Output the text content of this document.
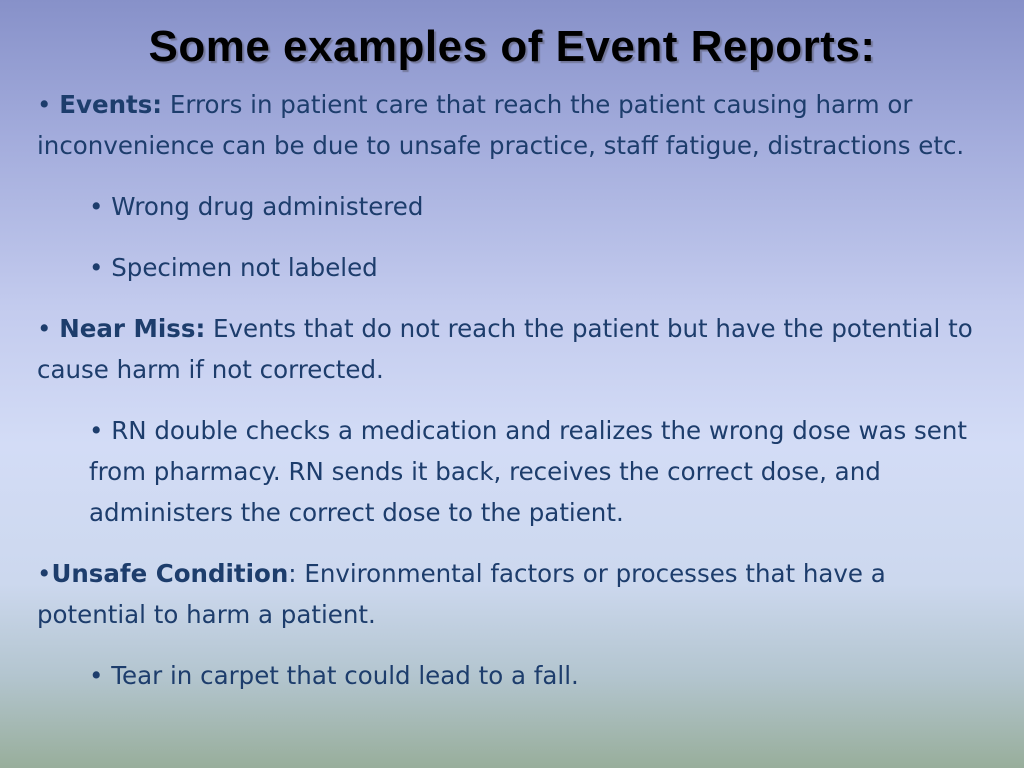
Some examples of Event Reports:

• Events: Errors in patient care that reach the patient causing harm or inconvenience can be due to unsafe practice, staff fatigue, distractions etc.

• Wrong drug administered

• Specimen not labeled

• Near Miss: Events that do not reach the patient but have the potential to cause harm if not corrected.

• RN double checks a medication and realizes the wrong dose was sent from pharmacy. RN sends it back, receives the correct dose, and administers the correct dose to the patient.

•Unsafe Condition: Environmental factors or processes that have a potential to harm a patient.

• Tear in carpet that could lead to a fall.
